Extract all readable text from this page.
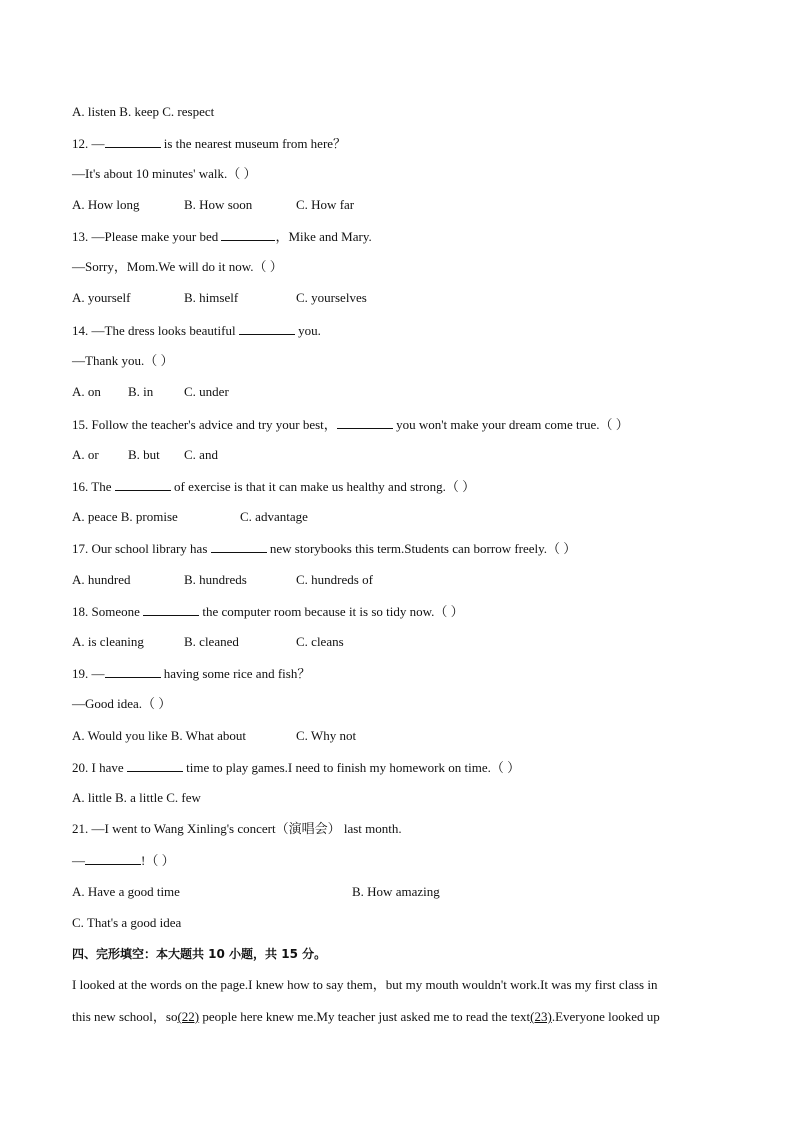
A. listen B. keep C. respect
12. —	is the nearest museum from here？
—It's about 10 minutes' walk.（ ）
A. How long	B. How soon	C. How far
13. —Please make your bed	，Mike and Mary.
—Sorry，Mom.We will do it now.（ ）
A. yourself	B. himself	C. yourselves
14. —The dress looks beautiful	you.
—Thank you.（ ）
A. on B. in C. under
15. Follow the teacher's advice and try your best，	you won't make your dream come true.（ ）
A. or B. but C. and
16. The	of exercise is that it can make us healthy and strong.（ ）
A. peace B. promise	C. advantage
17. Our school library has	new storybooks this term.Students can borrow freely.（ ）
A. hundred	B. hundreds	C. hundreds of
18. Someone	the computer room because it is so tidy now.（ ）
A. is cleaning	B. cleaned	C. cleans
19. —	having some rice and fish？
—Good idea.（ ）
A. Would you like B. What about	C. Why not
20. I have	time to play games.I need to finish my homework on time.（ ）
A. little B. a little C. few
21. —I went to Wang Xinling's concert（演唱会） last month.
—	!（ ）
A. Have a good time	B. How amazing
C. That's a good idea
四、完形填空：本大题共 10 小题，共 15 分。
I looked at the words on the page.I knew how to say them，but my mouth wouldn't work.It was my first class in
this new school，so(22) people here knew me.My teacher just asked me to read the text(23).Everyone looked up
